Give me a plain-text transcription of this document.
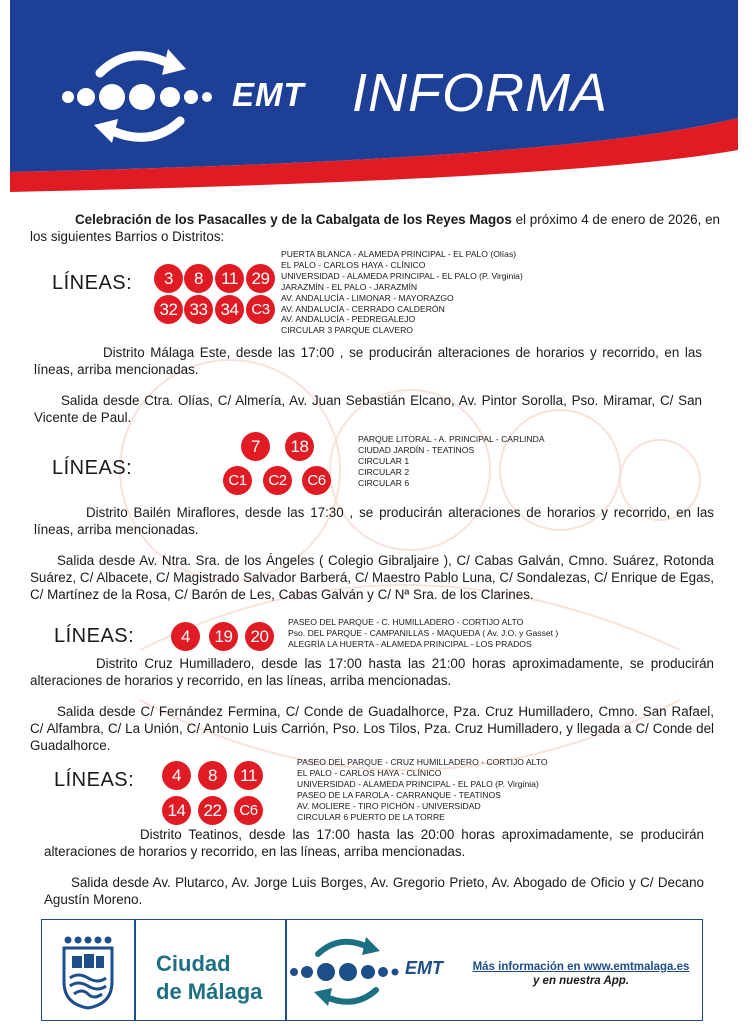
EMT INFORMA
Celebración de los Pasacalles y de la Cabalgata de los Reyes Magos el próximo 4 de enero de 2026, en los siguientes Barrios o Distritos:
LÍNEAS:	3	8	11 29
32 33 34 C3
PUERTA BLANCA - ALAMEDA PRINCIPAL - EL PALO (Olías)
EL PALO - CARLOS HAYA - CLÍNICO
UNIVERSIDAD - ALAMEDA PRINCIPAL - EL PALO (P. Virginia)
JARAZMÍN - EL PALO - JARAZMÍN
AV. ANDALUCÍA - LIMONAR - MAYORAZGO
AV. ANDALUCÍA - CERRADO CALDERÓN
AV. ANDALUCÍA - PEDREGALEJO
CIRCULAR 3 PARQUE CLAVERO
Distrito Málaga Este, desde las 17:00 , se producirán alteraciones de horarios y recorrido, en las líneas, arriba mencionadas.
Salida desde Ctra. Olías, C/ Almería, Av. Juan Sebastián Elcano, Av. Pintor Sorolla, Pso. Miramar, C/ San Vicente de Paul.
LÍNEAS:
7	18
C1	C2	C6
PARQUE LITORAL - A. PRINCIPAL - CARLINDA
CIUDAD JARDÍN - TEATINOS
CIRCULAR 1
CIRCULAR 2
CIRCULAR 6
Distrito Bailén Miraflores, desde las 17:30 , se producirán alteraciones de horarios y recorrido, en las líneas, arriba mencionadas.
Salida desde Av. Ntra. Sra. de los Ángeles ( Colegio Gibraljaire ), C/ Cabas Galván, Cmno. Suárez, Rotonda Suárez, C/ Albacete, C/ Magistrado Salvador Barberá, C/ Maestro Pablo Luna, C/ Sondalezas, C/ Enrique de Egas, C/ Martínez de la Rosa, C/ Barón de Les, Cabas Galván y C/ Nª Sra. de los Clarines.
LÍNEAS:	4	19	20
PASEO DEL PARQUE - C. HUMILLADERO - CORTIJO ALTO
Pso. DEL PARQUE - CAMPANILLAS - MAQUEDA ( Av. J.O. y Gasset )
ALEGRÍA LA HUERTA - ALAMEDA PRINCIPAL - LOS PRADOS
Distrito Cruz Humilladero, desde las 17:00 hasta las 21:00 horas aproximadamente, se producirán alteraciones de horarios y recorrido, en las líneas, arriba mencionadas.
Salida desde C/ Fernández Fermina, C/ Conde de Guadalhorce, Pza. Cruz Humilladero, Cmno. San Rafael, C/ Alfambra, C/ La Unión, C/ Antonio Luis Carrión, Pso. Los Tilos, Pza. Cruz Humilladero, y llegada a C/ Conde del Guadalhorce.
LÍNEAS:	4	8	11
14	22	C6
PASEO DEL PARQUE - CRUZ HUMILLADERO - CORTIJO ALTO
EL PALO - CARLOS HAYA - CLÍNICO
UNIVERSIDAD - ALAMEDA PRINCIPAL - EL PALO (P. Virginia)
PASEO DE LA FAROLA - CARRANQUE - TEATINOS
AV. MOLIERE - TIRO PICHÓN - UNIVERSIDAD
CIRCULAR 6 PUERTO DE LA TORRE
Distrito Teatinos, desde las 17:00 hasta las 20:00 horas aproximadamente, se producirán alteraciones de horarios y recorrido, en las líneas, arriba mencionadas.
Salida desde Av. Plutarco, Av. Jorge Luis Borges, Av. Gregorio Prieto, Av. Abogado de Oficio y C/ Decano Agustín Moreno.
Ciudad
de Málaga
EMT	Más información en www.emtmalaga.es
y en nuestra App.
